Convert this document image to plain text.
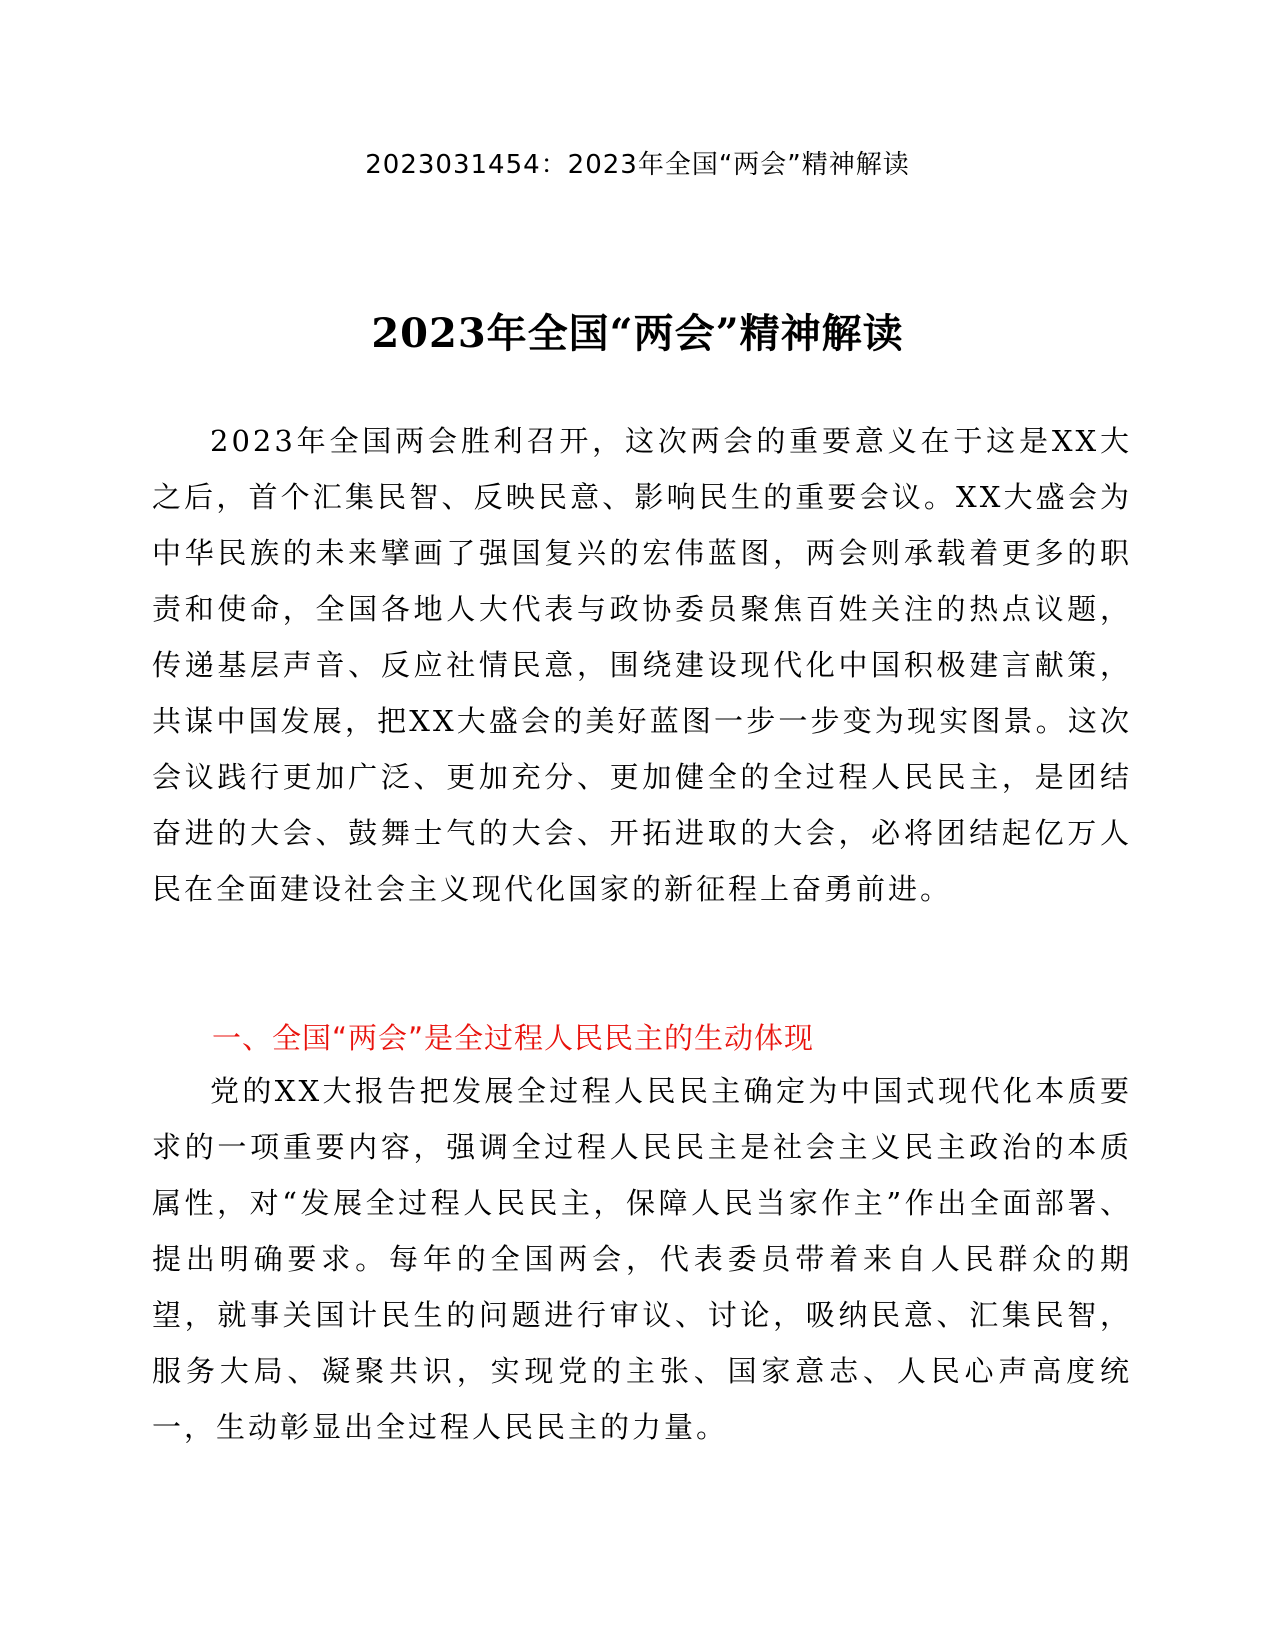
2023031454：2023年全国“两会”精神解读
2023年全国“两会”精神解读

2023年全国两会胜利召开，这次两会的重要意义在于这是XX大之后，首个汇集民智、反映民意、影响民生的重要会议。XX大盛会为中华民族的未来擘画了强国复兴的宏伟蓝图，两会则承载着更多的职责和使命，全国各地人大代表与政协委员聚焦百姓关注的热点议题，传递基层声音、反应社情民意，围绕建设现代化中国积极建言献策，共谋中国发展，把XX大盛会的美好蓝图一步一步变为现实图景。这次会议践行更加广泛、更加充分、更加健全的全过程人民民主，是团结奋进的大会、鼓舞士气的大会、开拓进取的大会，必将团结起亿万人民在全面建设社会主义现代化国家的新征程上奋勇前进。

一、全国“两会”是全过程人民民主的生动体现

党的XX大报告把发展全过程人民民主确定为中国式现代化本质要求的一项重要内容，强调全过程人民民主是社会主义民主政治的本质属性，对“发展全过程人民民主，保障人民当家作主”作出全面部署、提出明确要求。每年的全国两会，代表委员带着来自人民群众的期望，就事关国计民生的问题进行审议、讨论，吸纳民意、汇集民智，服务大局、凝聚共识，实现党的主张、国家意志、人民心声高度统一，生动彰显出全过程人民民主的力量。
